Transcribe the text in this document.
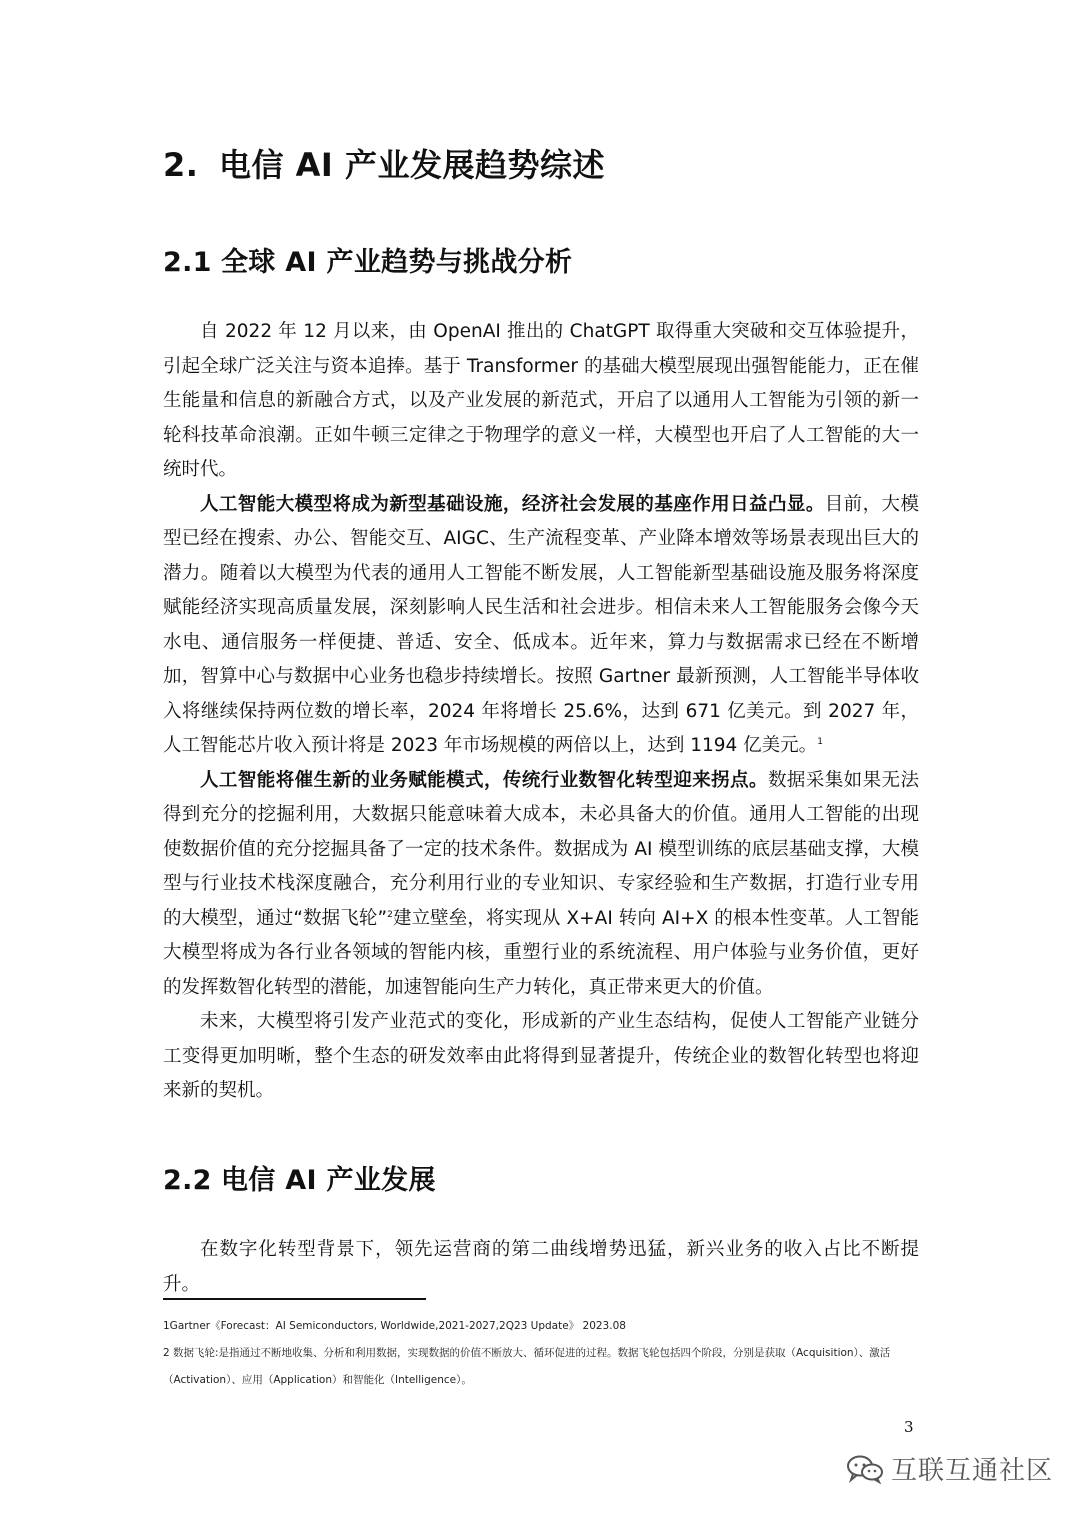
2. 电信 AI 产业发展趋势综述
2.1 全球 AI 产业趋势与挑战分析

自 2022 年 12 月以来，由 OpenAI 推出的 ChatGPT 取得重大突破和交互体验提升，引起全球广泛关注与资本追捧。基于 Transformer 的基础大模型展现出强智能能力，正在催生能量和信息的新融合方式，以及产业发展的新范式，开启了以通用人工智能为引领的新一轮科技革命浪潮。正如牛顿三定律之于物理学的意义一样，大模型也开启了人工智能的大一统时代。

人工智能大模型将成为新型基础设施，经济社会发展的基座作用日益凸显。目前，大模型已经在搜索、办公、智能交互、AIGC、生产流程变革、产业降本增效等场景表现出巨大的潜力。随着以大模型为代表的通用人工智能不断发展，人工智能新型基础设施及服务将深度赋能经济实现高质量发展，深刻影响人民生活和社会进步。相信未来人工智能服务会像今天水电、通信服务一样便捷、普适、安全、低成本。近年来，算力与数据需求已经在不断增加，智算中心与数据中心业务也稳步持续增长。按照 Gartner 最新预测，人工智能半导体收入将继续保持两位数的增长率，2024 年将增长 25.6%，达到 671 亿美元。到 2027 年，人工智能芯片收入预计将是 2023 年市场规模的两倍以上，达到 1194 亿美元。$^1$

人工智能将催生新的业务赋能模式，传统行业数智化转型迎来拐点。数据采集如果无法得到充分的挖掘利用，大数据只能意味着大成本，未必具备大的价值。通用人工智能的出现使数据价值的充分挖掘具备了一定的技术条件。数据成为 AI 模型训练的底层基础支撑，大模型与行业技术栈深度融合，充分利用行业的专业知识、专家经验和生产数据，打造行业专用的大模型，通过“数据飞轮”$^2$建立壁垒，将实现从 X+AI 转向 AI+X 的根本性变革。人工智能大模型将成为各行业各领域的智能内核，重塑行业的系统流程、用户体验与业务价值，更好的发挥数智化转型的潜能，加速智能向生产力转化，真正带来更大的价值。

未来，大模型将引发产业范式的变化，形成新的产业生态结构，促使人工智能产业链分工变得更加明晰，整个生态的研发效率由此将得到显著提升，传统企业的数智化转型也将迎来新的契机。

2.2 电信 AI 产业发展

在数字化转型背景下，领先运营商的第二曲线增势迅猛，新兴业务的收入占比不断提升。

1Gartner《Forecast：AI Semiconductors, Worldwide,2021-2027,2Q23 Update》 2023.08
2 数据飞轮:是指通过不断地收集、分析和利用数据，实现数据的价值不断放大、循环促进的过程。数据飞轮包括四个阶段，分别是获取（Acquisition）、激活（Activation）、应用（Application）和智能化（Intelligence）。
3
互联互通社区
